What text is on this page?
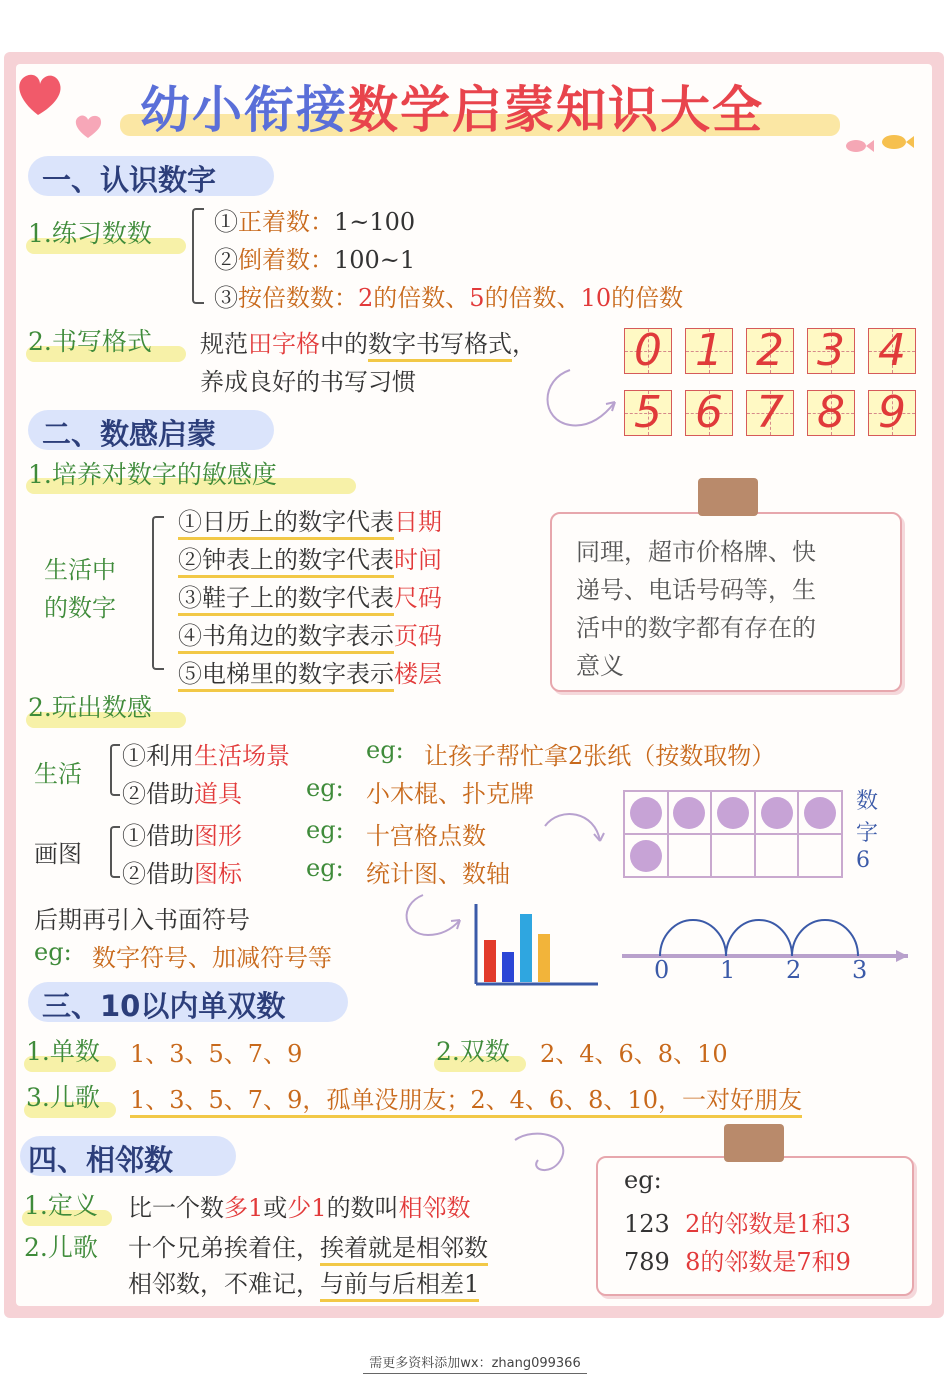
幼小衔接数学启蒙知识大全
一、认识数字
1.练习数数	①正着数：1~100
②倒着数：100~1
③按倍数数：2的倍数、5的倍数、10的倍数
2.书写格式 规范田字格中的数字书写格式，
养成良好的书写习惯
0 1 2 3 4
5 6 7 8 9
二、数感启蒙
1.培养对数字的敏感度
生活中
的数字
①日历上的数字代表日期
②钟表上的数字代表时间
③鞋子上的数字代表尺码
④书角边的数字表示页码
⑤电梯里的数字表示楼层
同理，超市价格牌、快
递号、电话号码等，生
活中的数字都有存在的
意义
2.玩出数感
生活
①利用生活场景	eg: 让孩子帮忙拿2张纸（按数取物）
②借助道具	eg: 小木棍、扑克牌
画图
①借助图形	eg: 十宫格点数
②借助图标	eg: 统计图、数轴
后期再引入书面符号
eg: 数字符号、加减符号等
数
字
6
0 1 2 3
三、10以内单双数
1.单数 1、3、5、7、9	2.双数 2、4、6、8、10
3.儿歌 1、3、5、7、9，孤单没朋友；2、4、6、8、10，一对好朋友
四、相邻数
1.定义 比一个数多1或少1的数叫相邻数
2.儿歌 十个兄弟挨着住，挨着就是相邻数
相邻数，不难记，与前与后相差1
eg:
123 2的邻数是1和3
789 8的邻数是7和9
需更多资料添加wx：zhang099366
